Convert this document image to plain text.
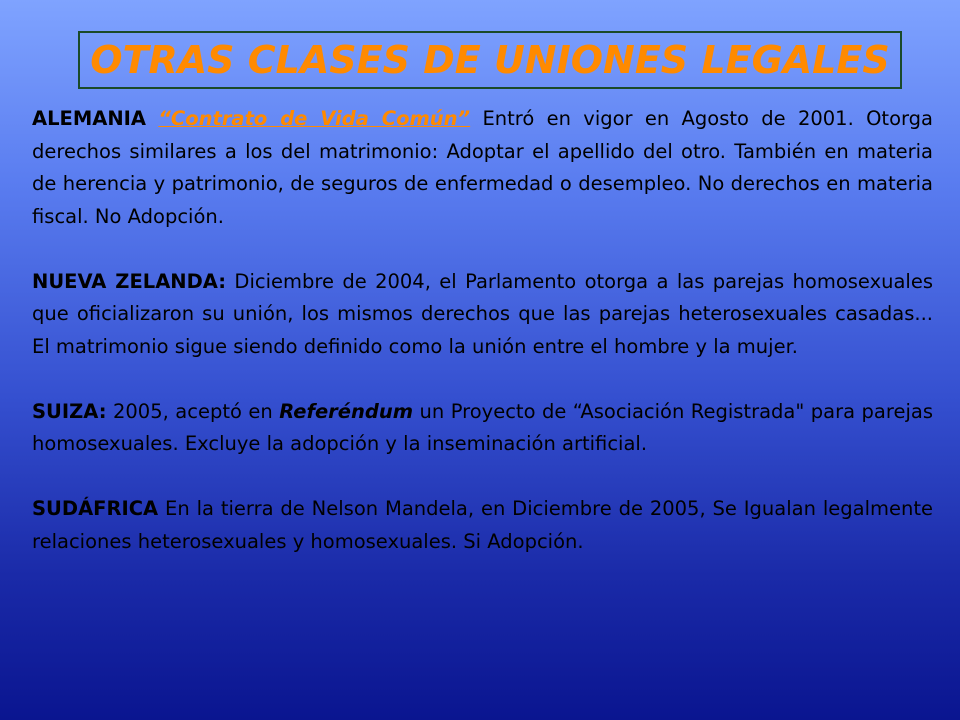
OTRAS CLASES DE UNIONES LEGALES

ALEMANIA “Contrato de Vida Común” Entró en vigor en Agosto de 2001. Otorga derechos similares a los del matrimonio: Adoptar el apellido del otro. También en materia de herencia y patrimonio, de seguros de enfermedad o desempleo. No derechos en materia fiscal. No Adopción.

NUEVA ZELANDA: Diciembre de 2004, el Parlamento otorga a las parejas homosexuales que oficializaron su unión, los mismos derechos que las parejas heterosexuales casadas... El matrimonio sigue siendo definido como la unión entre el hombre y la mujer.

SUIZA: 2005, aceptó en Referéndum un Proyecto de “Asociación Registrada" para parejas homosexuales. Excluye la adopción y la inseminación artificial.

SUDÁFRICA En la tierra de Nelson Mandela, en Diciembre de 2005, Se Igualan legalmente relaciones heterosexuales y homosexuales. Si Adopción.
